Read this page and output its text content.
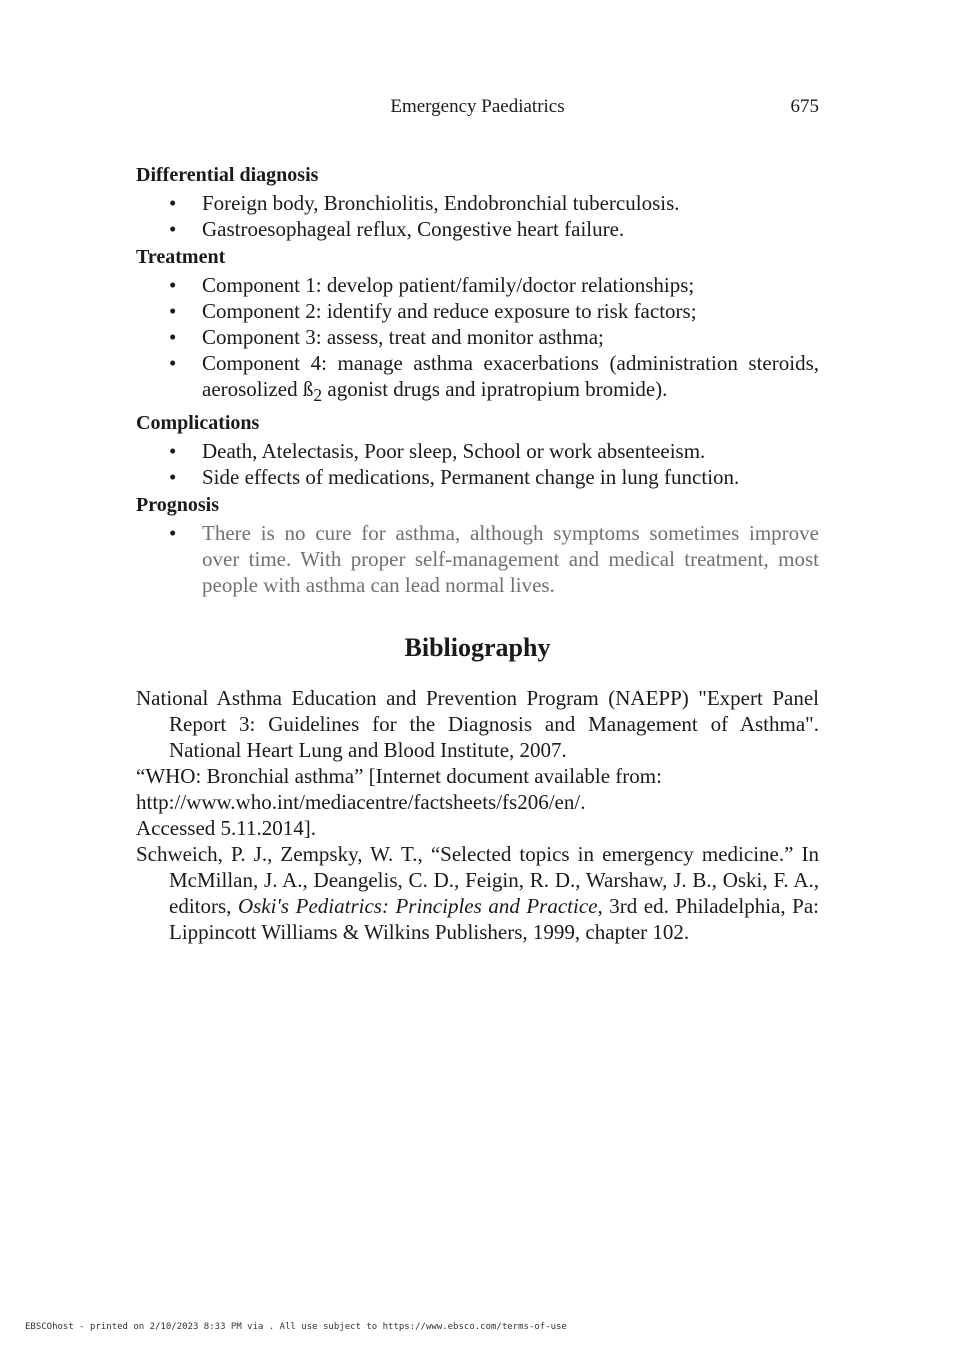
Emergency Paediatrics	675
Differential diagnosis
• Foreign body, Bronchiolitis, Endobronchial tuberculosis.
• Gastroesophageal reflux, Congestive heart failure.
Treatment
• Component 1: develop patient/family/doctor relationships;
• Component 2: identify and reduce exposure to risk factors;
• Component 3: assess, treat and monitor asthma;
• Component 4: manage asthma exacerbations (administration steroids, aerosolized $ß_2$ agonist drugs and ipratropium bromide).
Complications
• Death, Atelectasis, Poor sleep, School or work absenteeism.
• Side effects of medications, Permanent change in lung function.
Prognosis
• There is no cure for asthma, although symptoms sometimes improve over time. With proper self-management and medical treatment, most people with asthma can lead normal lives.
Bibliography
National Asthma Education and Prevention Program (NAEPP) "Expert Panel Report 3: Guidelines for the Diagnosis and Management of Asthma". National Heart Lung and Blood Institute, 2007.
“WHO: Bronchial asthma” [Internet document available from:
http://www.who.int/mediacentre/factsheets/fs206/en/.
Accessed 5.11.2014].
Schweich, P. J., Zempsky, W. T., “Selected topics in emergency medicine.” In McMillan, J. A., Deangelis, C. D., Feigin, R. D., Warshaw, J. B., Oski, F. A., editors, Oski's Pediatrics: Principles and Practice, 3rd ed. Philadelphia, Pa: Lippincott Williams & Wilkins Publishers, 1999, chapter 102.
EBSCOhost - printed on 2/10/2023 8:33 PM via . All use subject to https://www.ebsco.com/terms-of-use
